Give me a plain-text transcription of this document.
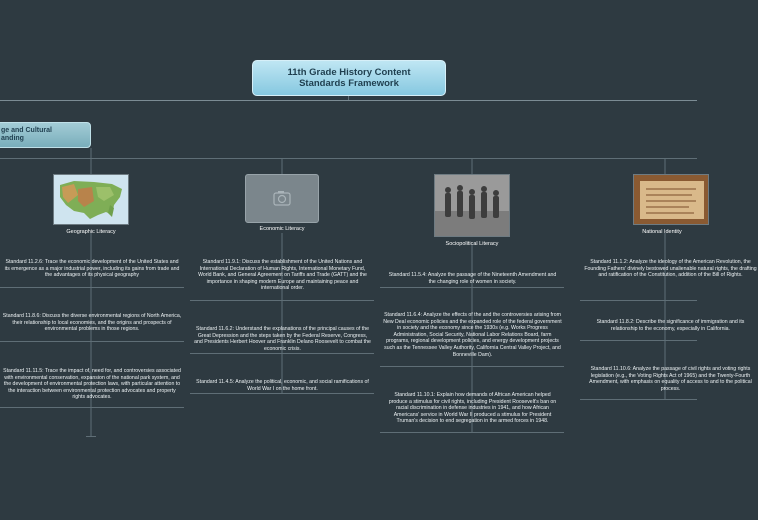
11th Grade History Content
Standards Framework
ge and Cultural
anding
Geographic Literacy	Economic Literacy
Sociopolitical Literacy
National Identity
Standard 11.2.6: Trace the economic development of the United States and its emergence as a major industrial power, including its gains from trade and the advantages of its physical geography
Standard 11.8.6: Discuss the diverse environmental regions of North America, their relationship to local economies, and the origins and prospects of environmental problems in those regions.
Standard 11.11.5: Trace the impact of, need for, and controversies associated with environmental conservation, expansion of the national park system, and the development of environmental protection laws, with particular attention to the interaction between environmental protection advocates and property rights advocates.
Standard 11.9.1: Discuss the establishment of the United Nations and International Declaration of Human Rights, International Monetary Fund, World Bank, and General Agreement on Tariffs and Trade (GATT) and the importance in shaping modern Europe and maintaining peace and international order.
Standard 11.6.2: Understand the explanations of the principal causes of the Great Depression and the steps taken by the Federal Reserve, Congress, and Presidents Herbert Hoover and Franklin Delano Roosevelt to combat the economic crisis.
Standard 11.4.5: Analyze the political, economic, and social ramifications of World War I on the home front.
Standard 11.5.4: Analyze the passage of the Nineteenth Amendment and the changing role of women in society.
Standard 11.6.4: Analyze the effects of the and the controversies arising from New Deal economic policies and the expanded role of the federal government in society and the economy since the 1930s (e.g. Works Progress Administration, Social Security, National Labor Relations Board, farm programs, regional development policies, and energy development projects such as the Tennessee Valley Authority, California Central Valley Project, and Bonneville Dam).
Standard 11.10.1: Explain how demands of African American helped produce a stimulus for civil rights, including President Roosevelt's ban on racial discrimination in defense industries in 1941, and how African Americans' service in World War II produced a stimulus for President Truman's decision to end segregation in the armed forces in 1948.
Standard 11.1.2: Analyze the ideology of the American Revolution, the Founding Fathers' divinely bestowed unalienable natural rights, the drafting and ratification of the Constitution, addition of the Bill of Rights.
Standard 11.8.2: Describe the significance of immigration and its relationship to the economy, especially in California.
Standard 11.10.6: Analyze the passage of civil rights and voting rights legislation (e.g., the Voting Rights Act of 1965) and the Twenty-Fourth Amendment, with emphasis on equality of access to and to the political process.
